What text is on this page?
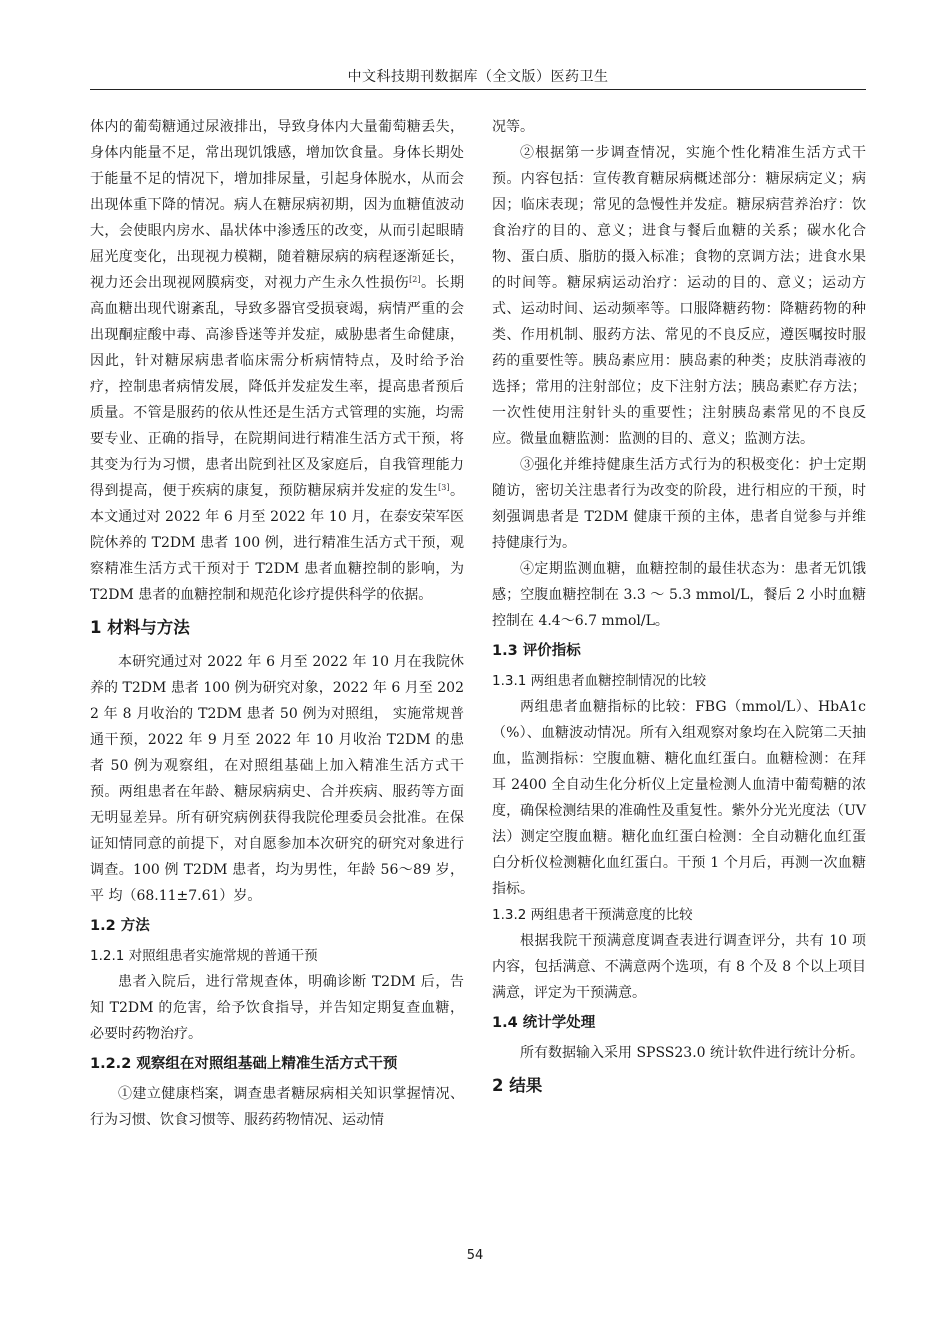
中文科技期刊数据库（全文版）医药卫生

体内的葡萄糖通过尿液排出，导致身体内大量葡萄糖丢失，身体内能量不足，常出现饥饿感，增加饮食量。身体长期处于能量不足的情况下，增加排尿量，引起身体脱水，从而会出现体重下降的情况。病人在糖尿病初期，因为血糖值波动大，会使眼内房水、晶状体中渗透压的改变，从而引起眼睛屈光度变化，出现视力模糊，随着糖尿病的病程逐渐延长，视力还会出现视网膜病变，对视力产生永久性损伤[2]。长期高血糖出现代谢紊乱，导致多器官受损衰竭，病情严重的会出现酮症酸中毒、高渗昏迷等并发症，威胁患者生命健康，因此，针对糖尿病患者临床需分析病情特点，及时给予治疗，控制患者病情发展，降低并发症发生率，提高患者预后质量。不管是服药的依从性还是生活方式管理的实施，均需要专业、正确的指导，在院期间进行精准生活方式干预，将其变为行为习惯，患者出院到社区及家庭后，自我管理能力得到提高，便于疾病的康复，预防糖尿病并发症的发生[3]。本文通过对 2022 年 6 月至 2022 年 10 月，在泰安荣军医院休养的 T2DM 患者 100 例，进行精准生活方式干预，观察精准生活方式干预对于 T2DM 患者血糖控制的影响，为 T2DM 患者的血糖控制和规范化诊疗提供科学的依据。

1 材料与方法

本研究通过对 2022 年 6 月至 2022 年 10 月在我院休养的 T2DM 患者 100 例为研究对象，2022 年 6 月至 2022 年 8 月收治的 T2DM 患者 50 例为对照组， 实施常规普通干预，2022 年 9 月至 2022 年 10 月收治 T2DM 的患者 50 例为观察组，在对照组基础上加入精准生活方式干预。两组患者在年龄、糖尿病病史、合并疾病、服药等方面无明显差异。所有研究病例获得我院伦理委员会批准。在保证知情同意的前提下，对自愿参加本次研究的研究对象进行调查。100 例 T2DM 患者，均为男性，年龄 56～89 岁，平 均（68.11±7.61）岁。

1.2 方法
1.2.1 对照组患者实施常规的普通干预

患者入院后，进行常规查体，明确诊断 T2DM 后，告知 T2DM 的危害，给予饮食指导，并告知定期复查血糖，必要时药物治疗。

1.2.2 观察组在对照组基础上精准生活方式干预

①建立健康档案，调查患者糖尿病相关知识掌握情况、行为习惯、饮食习惯等、服药药物情况、运动情

况等。

②根据第一步调查情况，实施个性化精准生活方式干预。内容包括：宣传教育糖尿病概述部分：糖尿病定义；病因；临床表现；常见的急慢性并发症。糖尿病营养治疗：饮食治疗的目的、意义；进食与餐后血糖的关系；碳水化合物、蛋白质、脂肪的摄入标准；食物的烹调方法；进食水果的时间等。糖尿病运动治疗：运动的目的、意义；运动方式、运动时间、运动频率等。口服降糖药物：降糖药物的种类、作用机制、服药方法、常见的不良反应，遵医嘱按时服药的重要性等。胰岛素应用：胰岛素的种类；皮肤消毒液的选择；常用的注射部位；皮下注射方法；胰岛素贮存方法；一次性使用注射针头的重要性；注射胰岛素常见的不良反应。微量血糖监测：监测的目的、意义；监测方法。

③强化并维持健康生活方式行为的积极变化：护士定期随访，密切关注患者行为改变的阶段，进行相应的干预，时刻强调患者是 T2DM 健康干预的主体，患者自觉参与并维持健康行为。

④定期监测血糖，血糖控制的最佳状态为：患者无饥饿感；空腹血糖控制在 3.3 ～ 5.3 mmol/L，餐后 2 小时血糖控制在 4.4～6.7 mmol/L。

1.3 评价指标
1.3.1 两组患者血糖控制情况的比较

两组患者血糖指标的比较：FBG（mmol/L）、HbA1c（%）、血糖波动情况。所有入组观察对象均在入院第二天抽血，监测指标：空腹血糖、糖化血红蛋白。血糖检测：在拜耳 2400 全自动生化分析仪上定量检测人血清中葡萄糖的浓度，确保检测结果的准确性及重复性。紫外分光光度法（UV 法）测定空腹血糖。糖化血红蛋白检测：全自动糖化血红蛋白分析仪检测糖化血红蛋白。干预 1 个月后，再测一次血糖指标。

1.3.2 两组患者干预满意度的比较

根据我院干预满意度调查表进行调查评分，共有 10 项内容，包括满意、不满意两个选项，有 8 个及 8 个以上项目满意，评定为干预满意。

1.4 统计学处理

所有数据输入采用 SPSS23.0 统计软件进行统计分析。

2 结果
54
